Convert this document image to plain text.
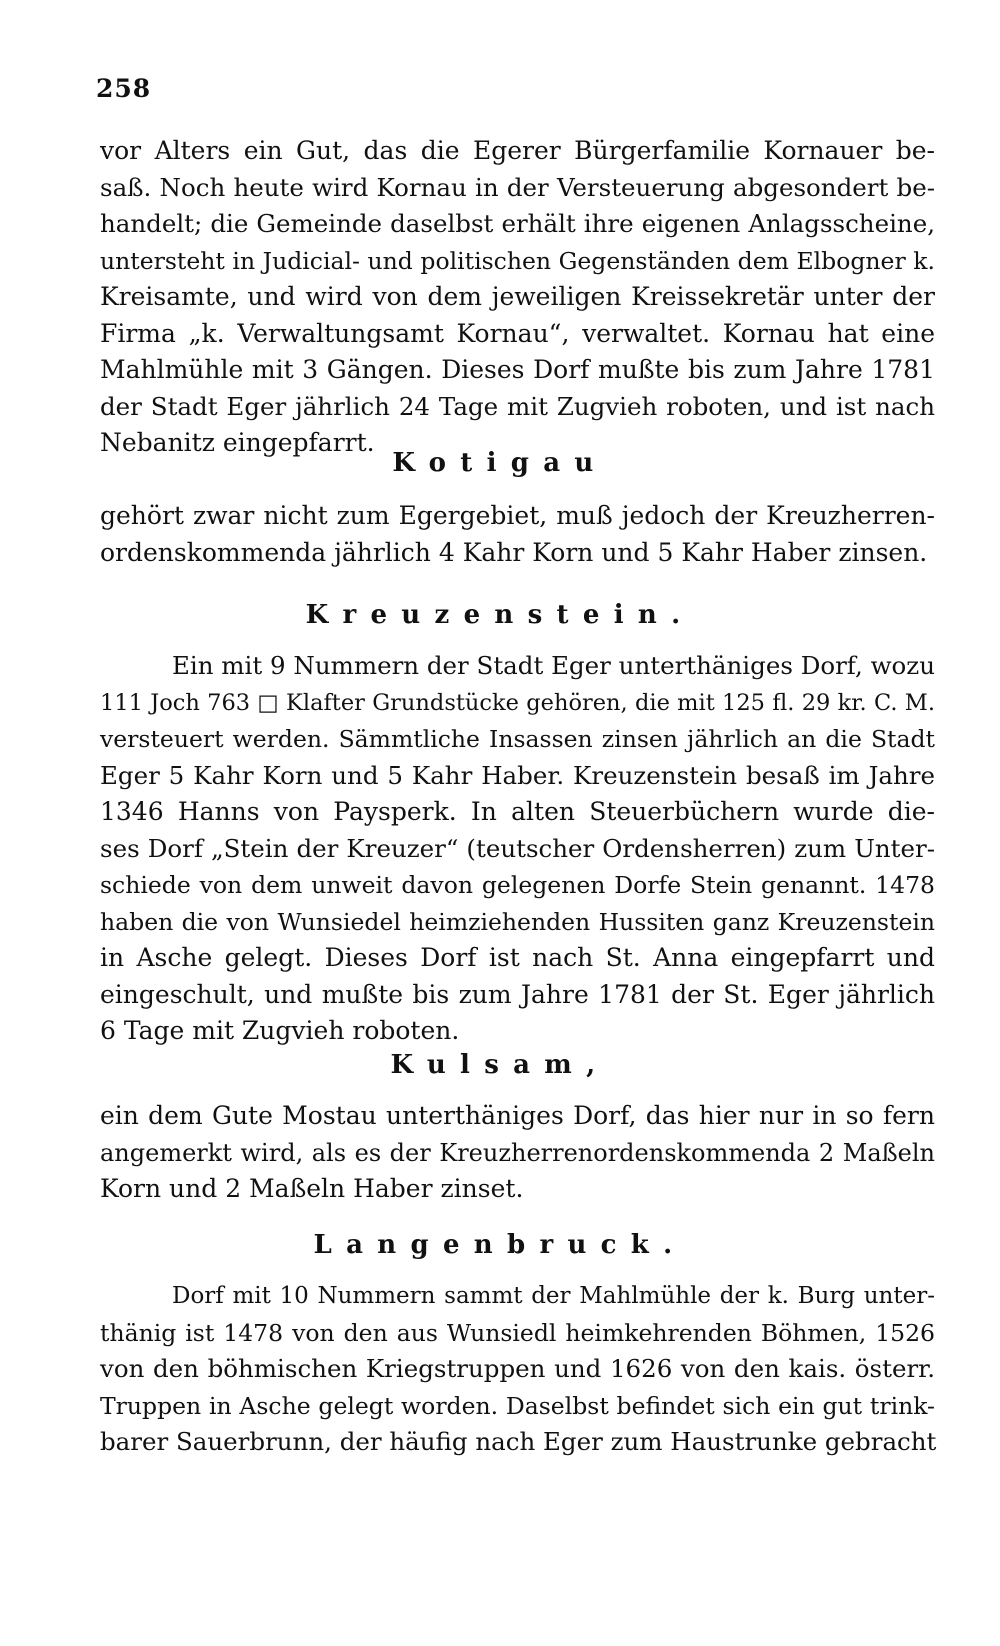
258
vor Alters ein Gut, das die Egerer Bürgerfamilie Kornauer be-
saß. Noch heute wird Kornau in der Versteuerung abgesondert be-
handelt; die Gemeinde daselbst erhält ihre eigenen Anlagsscheine,
untersteht in Judicial- und politischen Gegenständen dem Elbogner k.
Kreisamte, und wird von dem jeweiligen Kreissekretär unter der
Firma „k. Verwaltungsamt Kornau“, verwaltet. Kornau hat eine
Mahlmühle mit 3 Gängen. Dieses Dorf mußte bis zum Jahre 1781
der Stadt Eger jährlich 24 Tage mit Zugvieh roboten, und ist nach
Nebanitz eingepfarrt.
Kotigau
gehört zwar nicht zum Egergebiet, muß jedoch der Kreuzherren-
ordenskommenda jährlich 4 Kahr Korn und 5 Kahr Haber zinsen.
Kreuzenstein.
Ein mit 9 Nummern der Stadt Eger unterthäniges Dorf, wozu
111 Joch 763 □ Klafter Grundstücke gehören, die mit 125 fl. 29 kr. C. M.
versteuert werden. Sämmtliche Insassen zinsen jährlich an die Stadt
Eger 5 Kahr Korn und 5 Kahr Haber. Kreuzenstein besaß im Jahre
1346 Hanns von Paysperk. In alten Steuerbüchern wurde die-
ses Dorf „Stein der Kreuzer“ (teutscher Ordensherren) zum Unter-
schiede von dem unweit davon gelegenen Dorfe Stein genannt. 1478
haben die von Wunsiedel heimziehenden Hussiten ganz Kreuzenstein
in Asche gelegt. Dieses Dorf ist nach St. Anna eingepfarrt und
eingeschult, und mußte bis zum Jahre 1781 der St. Eger jährlich
6 Tage mit Zugvieh roboten.
Kulsam,
ein dem Gute Mostau unterthäniges Dorf, das hier nur in so fern
angemerkt wird, als es der Kreuzherrenordenskommenda 2 Maßeln
Korn und 2 Maßeln Haber zinset.
Langenbruck.
Dorf mit 10 Nummern sammt der Mahlmühle der k. Burg unter-
thänig ist 1478 von den aus Wunsiedl heimkehrenden Böhmen, 1526
von den böhmischen Kriegstruppen und 1626 von den kais. österr.
Truppen in Asche gelegt worden. Daselbst befindet sich ein gut trink-
barer Sauerbrunn, der häufig nach Eger zum Haustrunke gebracht
